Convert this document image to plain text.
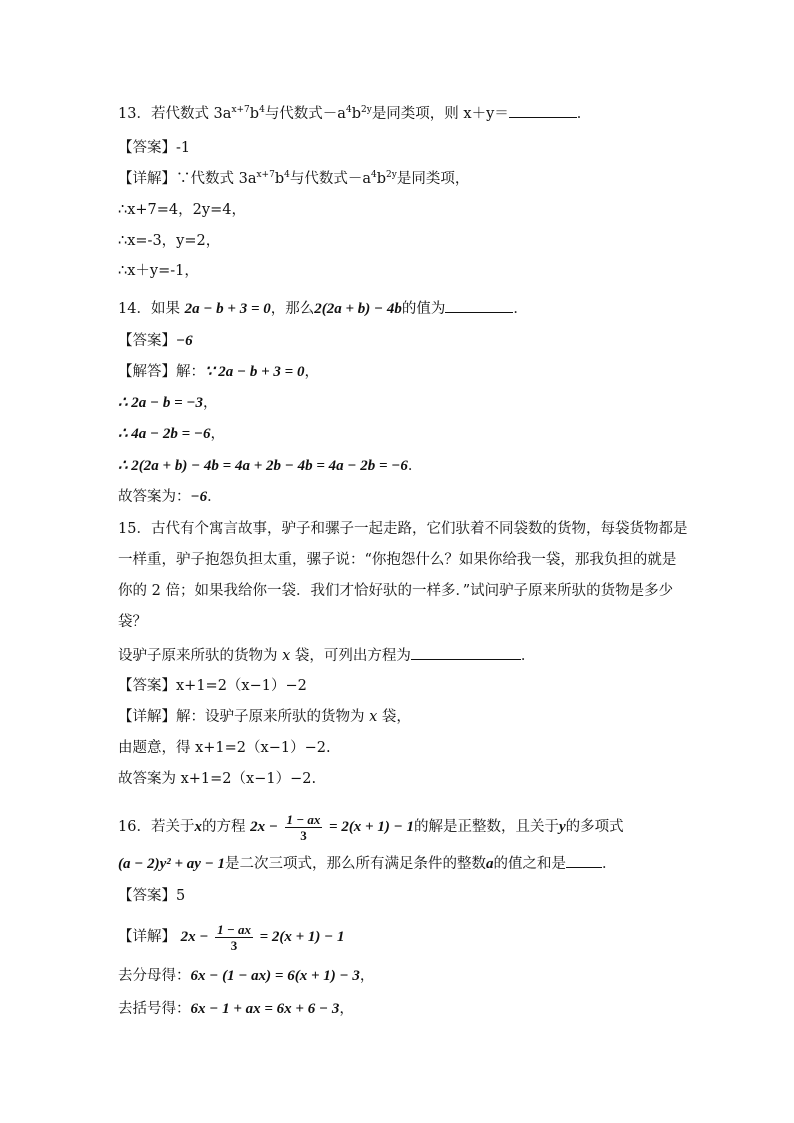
13．若代数式 $3a^{x+7}b^4$与代数式$-a^4b^{2y}$是同类项，则 x＋y＝	．
【答案】-1
【详解】∵代数式 $3a^{x+7}b^4$与代数式$-a^4b^{2y}$是同类项，
∴x+7=4，2y=4，
∴x=-3，y=2，
∴x＋y=-1，
14．如果 2a − b + 3 = 0，那么2(2a + b) − 4b的值为	．
【答案】−6
【解答】解：∵ 2a − b + 3 = 0，
∴ 2a − b = −3，
∴ 4a − 2b = −6，
∴ 2(2a + b) − 4b = 4a + 2b − 4b = 4a − 2b = −6．
故答案为：−6．
15．古代有个寓言故事，驴子和骡子一起走路，它们驮着不同袋数的货物，每袋货物都是
一样重，驴子抱怨负担太重，骡子说：“你抱怨什么？如果你给我一袋，那我负担的就是
你的 2 倍；如果我给你一袋．我们才恰好驮的一样多．”试问驴子原来所驮的货物是多少
袋？
设驴子原来所驮的货物为 x 袋，可列出方程为	．
【答案】x+1=2（x−1）−2
【详解】解：设驴子原来所驮的货物为 x 袋，
由题意，得 x+1=2（x−1）−2.
故答案为 x+1=2（x−1）−2.
16．若关于x的方程 $2x - \frac{1 - ax}{3} = 2(x + 1) - 1$的解是正整数，且关于y的多项式
(a − 2)y² + ay − 1是二次三项式，那么所有满足条件的整数a的值之和是 ．
【答案】5
【详解】 $2x - \frac{1 - ax}{3} = 2(x + 1) - 1$
去分母得：6x − (1 − ax) = 6(x + 1) − 3，
去括号得：6x − 1 + ax = 6x + 6 − 3，
